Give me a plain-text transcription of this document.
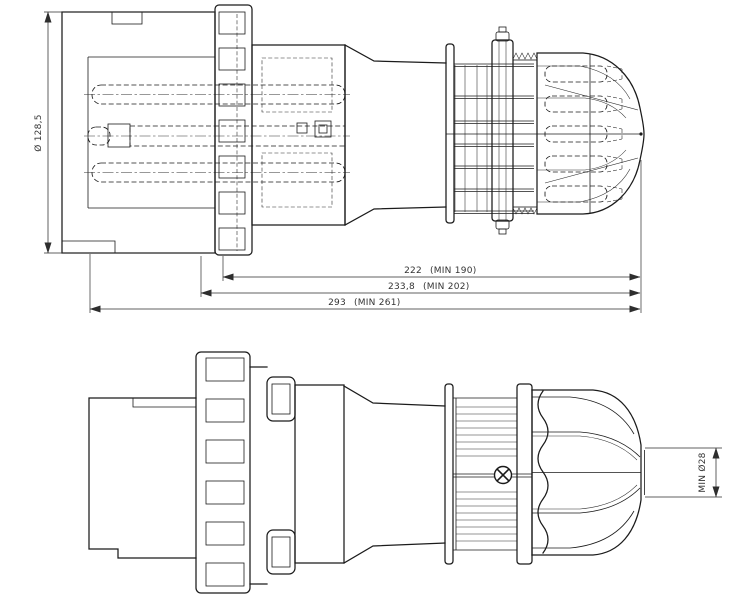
Ø 128,5
222 (MIN 190)
233,8 (MIN 202)
293 (MIN 261)
MIN Ø28
